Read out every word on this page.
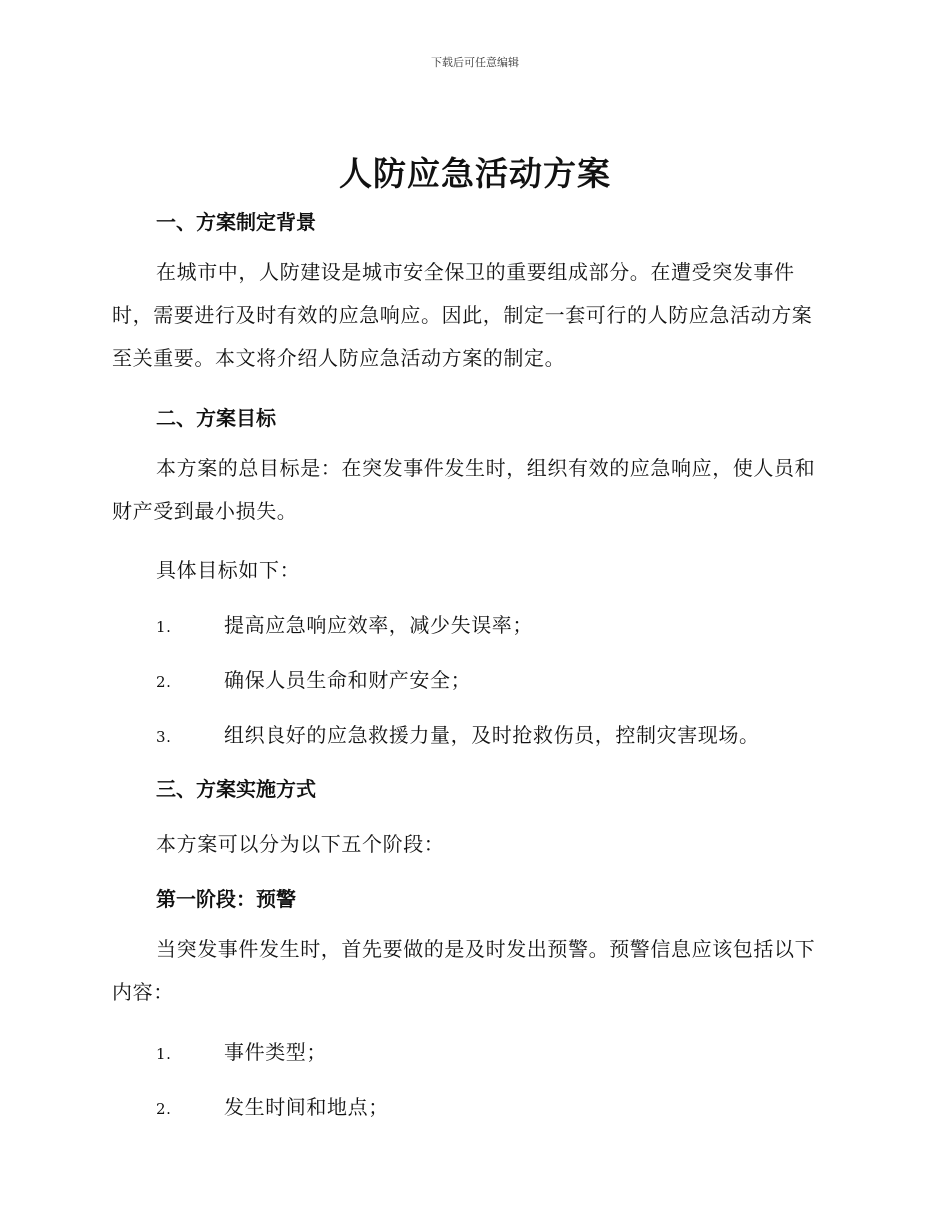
下载后可任意编辑
人防应急活动方案
一、方案制定背景
在城市中，人防建设是城市安全保卫的重要组成部分。在遭受突发事件时，需要进行及时有效的应急响应。因此，制定一套可行的人防应急活动方案至关重要。本文将介绍人防应急活动方案的制定。
二、方案目标
本方案的总目标是：在突发事件发生时，组织有效的应急响应，使人员和财产受到最小损失。
具体目标如下：
1.	提高应急响应效率，减少失误率；
2.	确保人员生命和财产安全；
3.	组织良好的应急救援力量，及时抢救伤员，控制灾害现场。
三、方案实施方式
本方案可以分为以下五个阶段：
第一阶段：预警
当突发事件发生时，首先要做的是及时发出预警。预警信息应该包括以下内容：
1.	事件类型；
2.	发生时间和地点；
